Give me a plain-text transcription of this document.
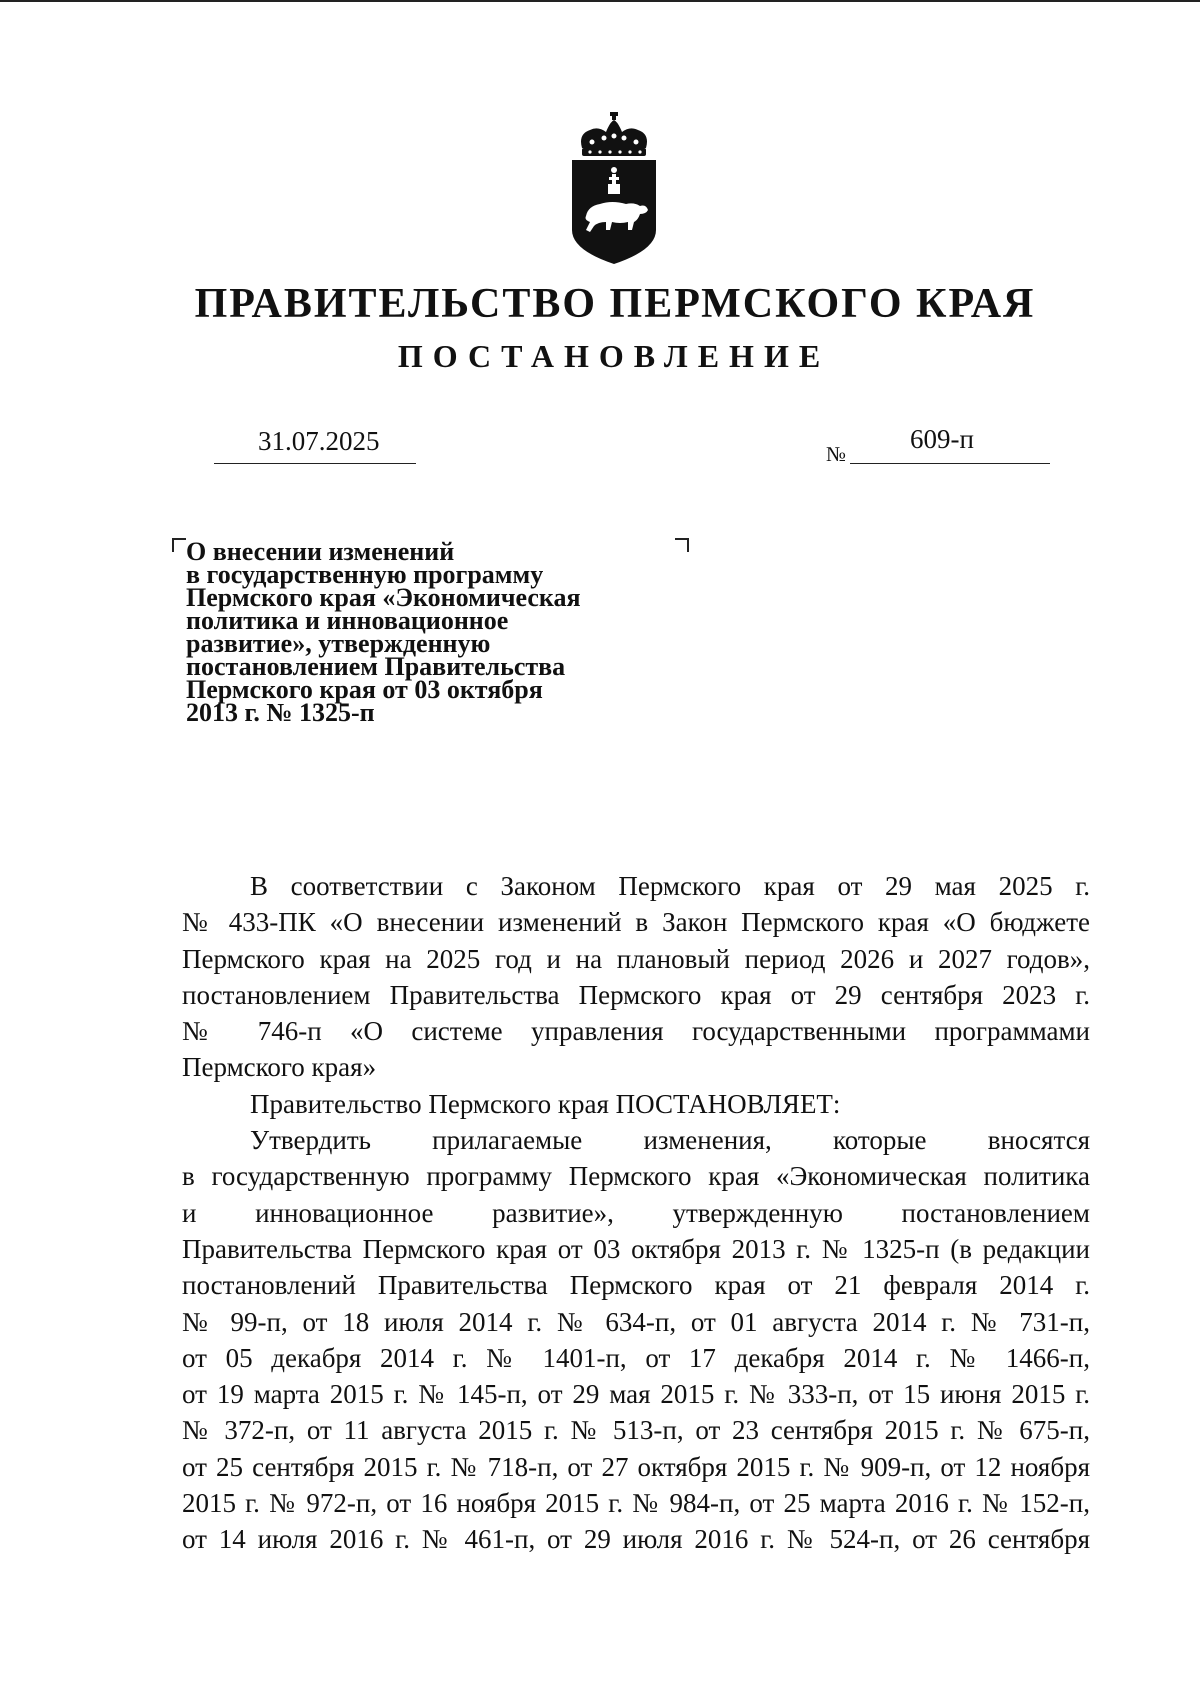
ПРАВИТЕЛЬСТВО ПЕРМСКОГО КРАЯ
ПОСТАНОВЛЕНИЕ
31.07.2025	№ 609-п
О внесении изменений
в государственную программу
Пермского края «Экономическая
политика и инновационное
развитие», утвержденную
постановлением Правительства
Пермского края от 03 октября
2013 г. № 1325-п

В соответствии с Законом Пермского края от 29 мая 2025 г.

№ 433-ПК «О внесении изменений в Закон Пермского края «О бюджете

Пермского края на 2025 год и на плановый период 2026 и 2027 годов»,

постановлением Правительства Пермского края от 29 сентября 2023 г.

№ 746-п «О системе управления государственными программами

Пермского края»

Правительство Пермского края ПОСТАНОВЛЯЕТ:

Утвердить прилагаемые изменения, которые вносятся

в государственную программу Пермского края «Экономическая политика

и инновационное развитие», утвержденную постановлением

Правительства Пермского края от 03 октября 2013 г. № 1325-п (в редакции

постановлений Правительства Пермского края от 21 февраля 2014 г.

№ 99-п, от 18 июля 2014 г. № 634-п, от 01 августа 2014 г. № 731-п,

от 05 декабря 2014 г. № 1401-п, от 17 декабря 2014 г. № 1466-п,

от 19 марта 2015 г. № 145-п, от 29 мая 2015 г. № 333-п, от 15 июня 2015 г.

№ 372-п, от 11 августа 2015 г. № 513-п, от 23 сентября 2015 г. № 675-п,

от 25 сентября 2015 г. № 718-п, от 27 октября 2015 г. № 909-п, от 12 ноября

2015 г. № 972-п, от 16 ноября 2015 г. № 984-п, от 25 марта 2016 г. № 152-п,

от 14 июля 2016 г. № 461-п, от 29 июля 2016 г. № 524-п, от 26 сентября
